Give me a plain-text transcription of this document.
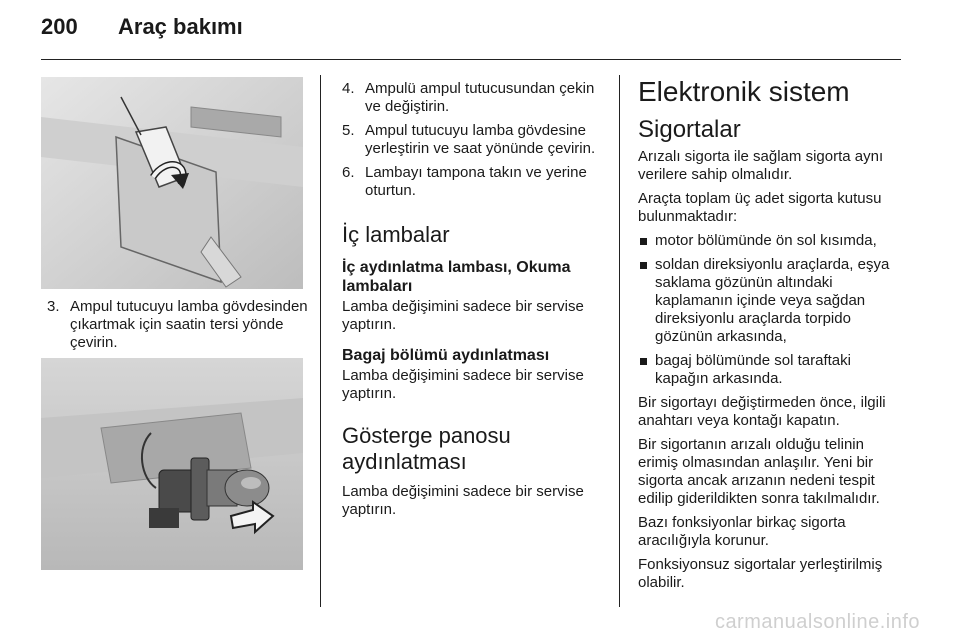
200 Araç bakımı
3. Ampul tutucuyu lamba gövdesinden çıkartmak için saatin tersi yönde çevirin.
4. Ampulü ampul tutucusundan çekin ve değiştirin.
5. Ampul tutucuyu lamba gövdesine yerleştirin ve saat yönünde çevirin.
6. Lambayı tampona takın ve yerine oturtun.
İç lambalar
İç aydınlatma lambası, Okuma lambaları

Lamba değişimini sadece bir servise yaptırın.

Bagaj bölümü aydınlatması

Lamba değişimini sadece bir servise yaptırın.

Gösterge panosu aydınlatması

Lamba değişimini sadece bir servise yaptırın.

Elektronik sistem
Sigortalar

Arızalı sigorta ile sağlam sigorta aynı verilere sahip olmalıdır.

Araçta toplam üç adet sigorta kutusu bulunmaktadır:

motor bölümünde ön sol kısımda,
soldan direksiyonlu araçlarda, eşya saklama gözünün altındaki kaplamanın içinde veya sağdan direksiyonlu araçlarda torpido gözünün arkasında,
bagaj bölümünde sol taraftaki kapağın arkasında.

Bir sigortayı değiştirmeden önce, ilgili anahtarı veya kontağı kapatın.

Bir sigortanın arızalı olduğu telinin erimiş olmasından anlaşılır. Yeni bir sigorta ancak arızanın nedeni tespit edilip giderildikten sonra takılmalıdır.

Bazı fonksiyonlar birkaç sigorta aracılığıyla korunur.

Fonksiyonsuz sigortalar yerleştirilmiş olabilir.

carmanualsonline.info
